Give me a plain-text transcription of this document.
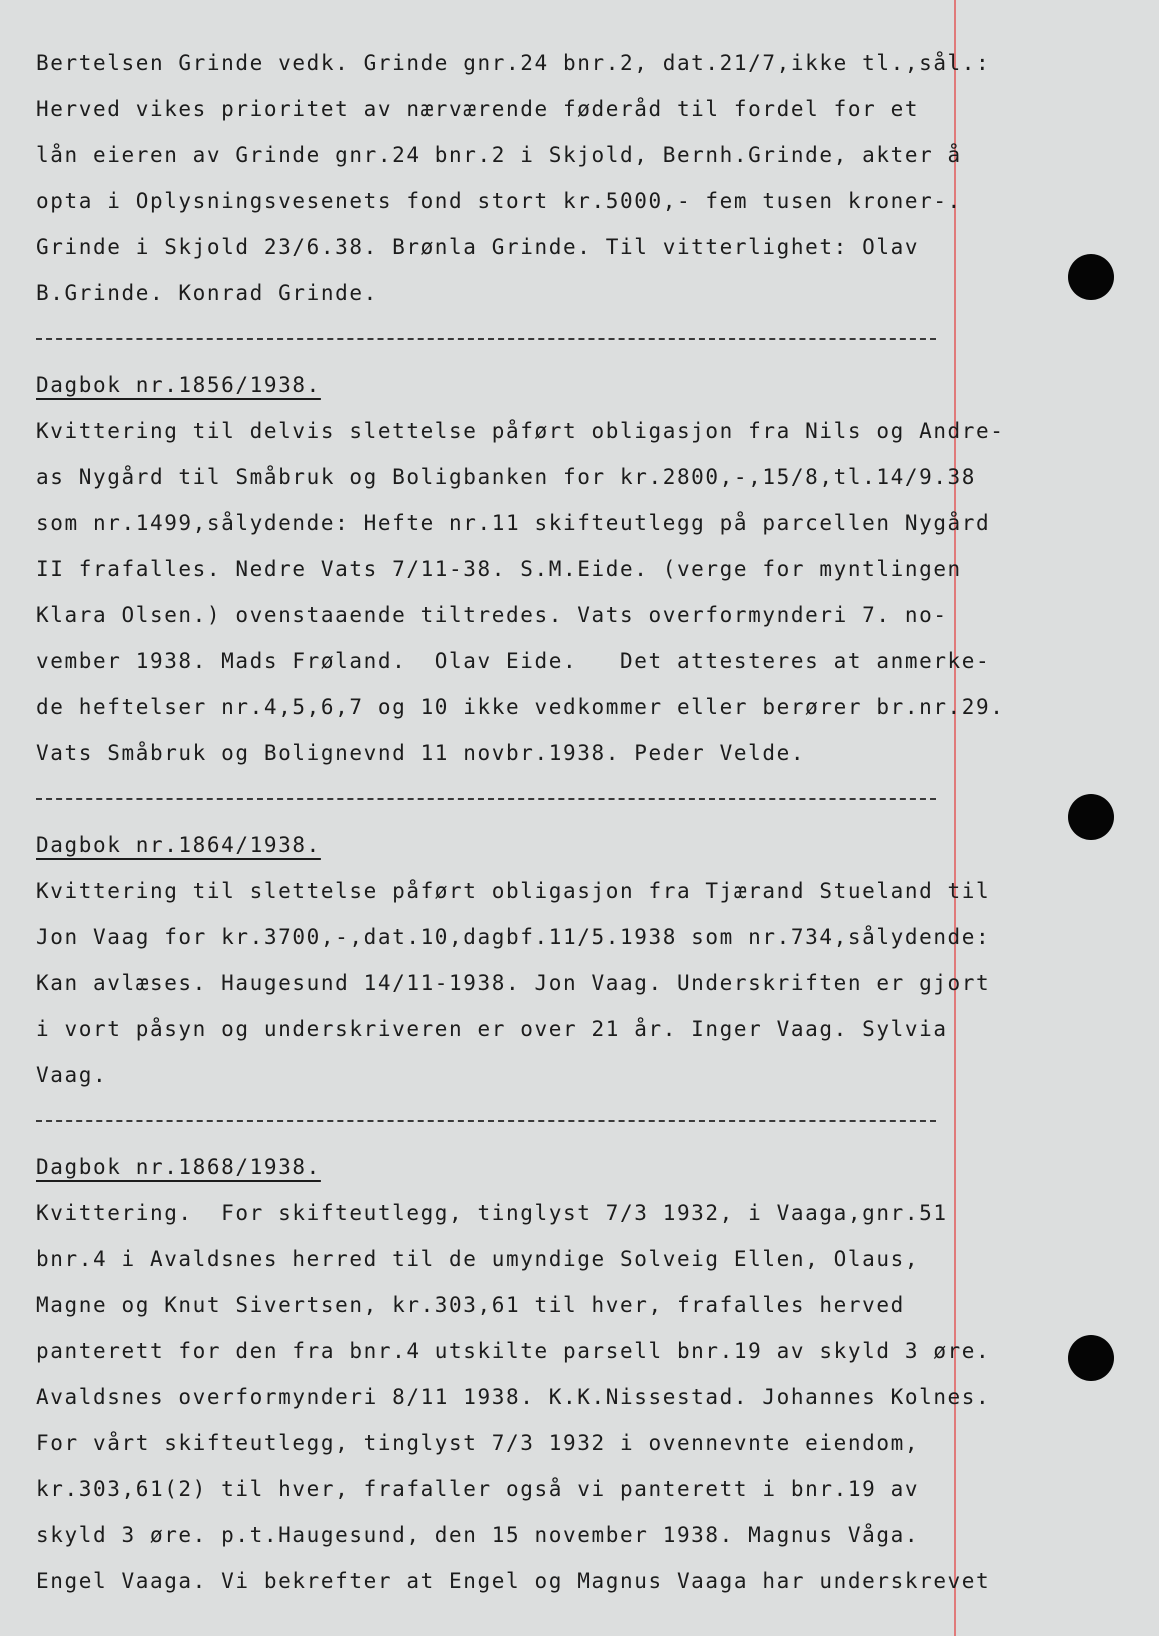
Bertelsen Grinde vedk. Grinde gnr.24 bnr.2, dat.21/7,ikke tl.,sål.:
Herved vikes prioritet av nærværende føderåd til fordel for et
lån eieren av Grinde gnr.24 bnr.2 i Skjold, Bernh.Grinde, akter å
opta i Oplysningsvesenets fond stort kr.5000,- fem tusen kroner-.
Grinde i Skjold 23/6.38. Brønla Grinde. Til vitterlighet: Olav
B.Grinde. Konrad Grinde.
Dagbok nr.1856/1938.
Kvittering til delvis slettelse påført obligasjon fra Nils og Andre-
as Nygård til Småbruk og Boligbanken for kr.2800,-,15/8,tl.14/9.38
som nr.1499,sålydende: Hefte nr.11 skifteutlegg på parcellen Nygård
II frafalles. Nedre Vats 7/11-38. S.M.Eide. (verge for myntlingen
Klara Olsen.) ovenstaaende tiltredes. Vats overformynderi 7. no-
vember 1938. Mads Frøland.  Olav Eide.   Det attesteres at anmerke-
de heftelser nr.4,5,6,7 og 10 ikke vedkommer eller berører br.nr.29.
Vats Småbruk og Bolignevnd 11 novbr.1938. Peder Velde.
Dagbok nr.1864/1938.
Kvittering til slettelse påført obligasjon fra Tjærand Stueland til
Jon Vaag for kr.3700,-,dat.10,dagbf.11/5.1938 som nr.734,sålydende:
Kan avlæses. Haugesund 14/11-1938. Jon Vaag. Underskriften er gjort
i vort påsyn og underskriveren er over 21 år. Inger Vaag. Sylvia
Vaag.
Dagbok nr.1868/1938.
Kvittering.  For skifteutlegg, tinglyst 7/3 1932, i Vaaga,gnr.51
bnr.4 i Avaldsnes herred til de umyndige Solveig Ellen, Olaus,
Magne og Knut Sivertsen, kr.303,61 til hver, frafalles herved
panterett for den fra bnr.4 utskilte parsell bnr.19 av skyld 3 øre.
Avaldsnes overformynderi 8/11 1938. K.K.Nissestad. Johannes Kolnes.
For vårt skifteutlegg, tinglyst 7/3 1932 i ovennevnte eiendom,
kr.303,61(2) til hver, frafaller også vi panterett i bnr.19 av
skyld 3 øre. p.t.Haugesund, den 15 november 1938. Magnus Våga.
Engel Vaaga. Vi bekrefter at Engel og Magnus Vaaga har underskrevet
